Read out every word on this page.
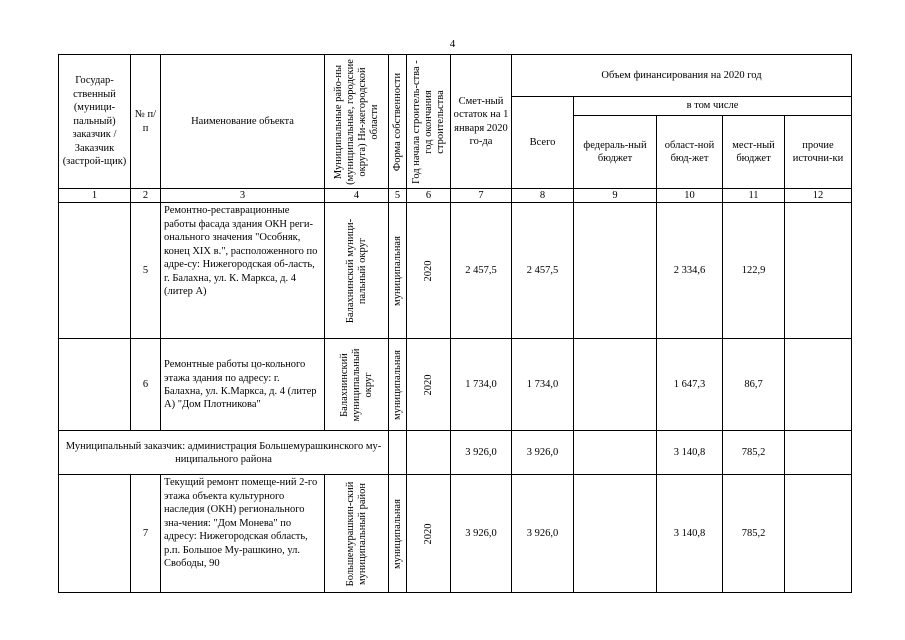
4
Государ-ственный (муници-пальный) заказчик / Заказчик (застрой-щик)	№ п/п	Наименование объекта	Муниципальные райо-ны (муниципальные, городские округа) Ни-жегородской области	Форма собственности	Год начала строитель-ства - год окончания строительства	Смет-ный остаток на 1 января 2020 го-да	Объем финансирования на 2020 год				
							Всего	в том числе			
								федераль-ный бюджет	област-ной бюд-жет	мест-ный бюджет	прочие источни-ки
1	2	3	4	5	6	7	8	9	10	11	12
	5	Ремонтно-реставрационные работы фасада здания ОКН реги-онального значения "Особняк, конец XIX в.", расположенного по адре-су: Нижегородская об-ласть, г. Балахна, ул. К. Маркса, д. 4 (литер А)	Балахнинский муници-пальный округ	муниципальная	2020	2 457,5	2 457,5		2 334,6	122,9	
	6	Ремонтные работы цо-кольного этажа здания по адресу: г. Балахна, ул. К.Маркса, д. 4 (литер А) "Дом Плотникова"	Балахнинский муниципальный округ	муниципальная	2020	1 734,0	1 734,0		1 647,3	86,7	
Муниципальный заказчик: администрация Большемурашкинского му-ниципального района						3 926,0	3 926,0		3 140,8	785,2	
	7	Текущий ремонт помеще-ний 2-го этажа объекта культурного наследия (ОКН) регионального зна-чения: "Дом Монева" по адресу: Нижегородская область, р.п. Большое Му-рашкино, ул. Свободы, 90	Большемурашкин-ский муниципальный район	муниципальная	2020	3 926,0	3 926,0		3 140,8	785,2	
